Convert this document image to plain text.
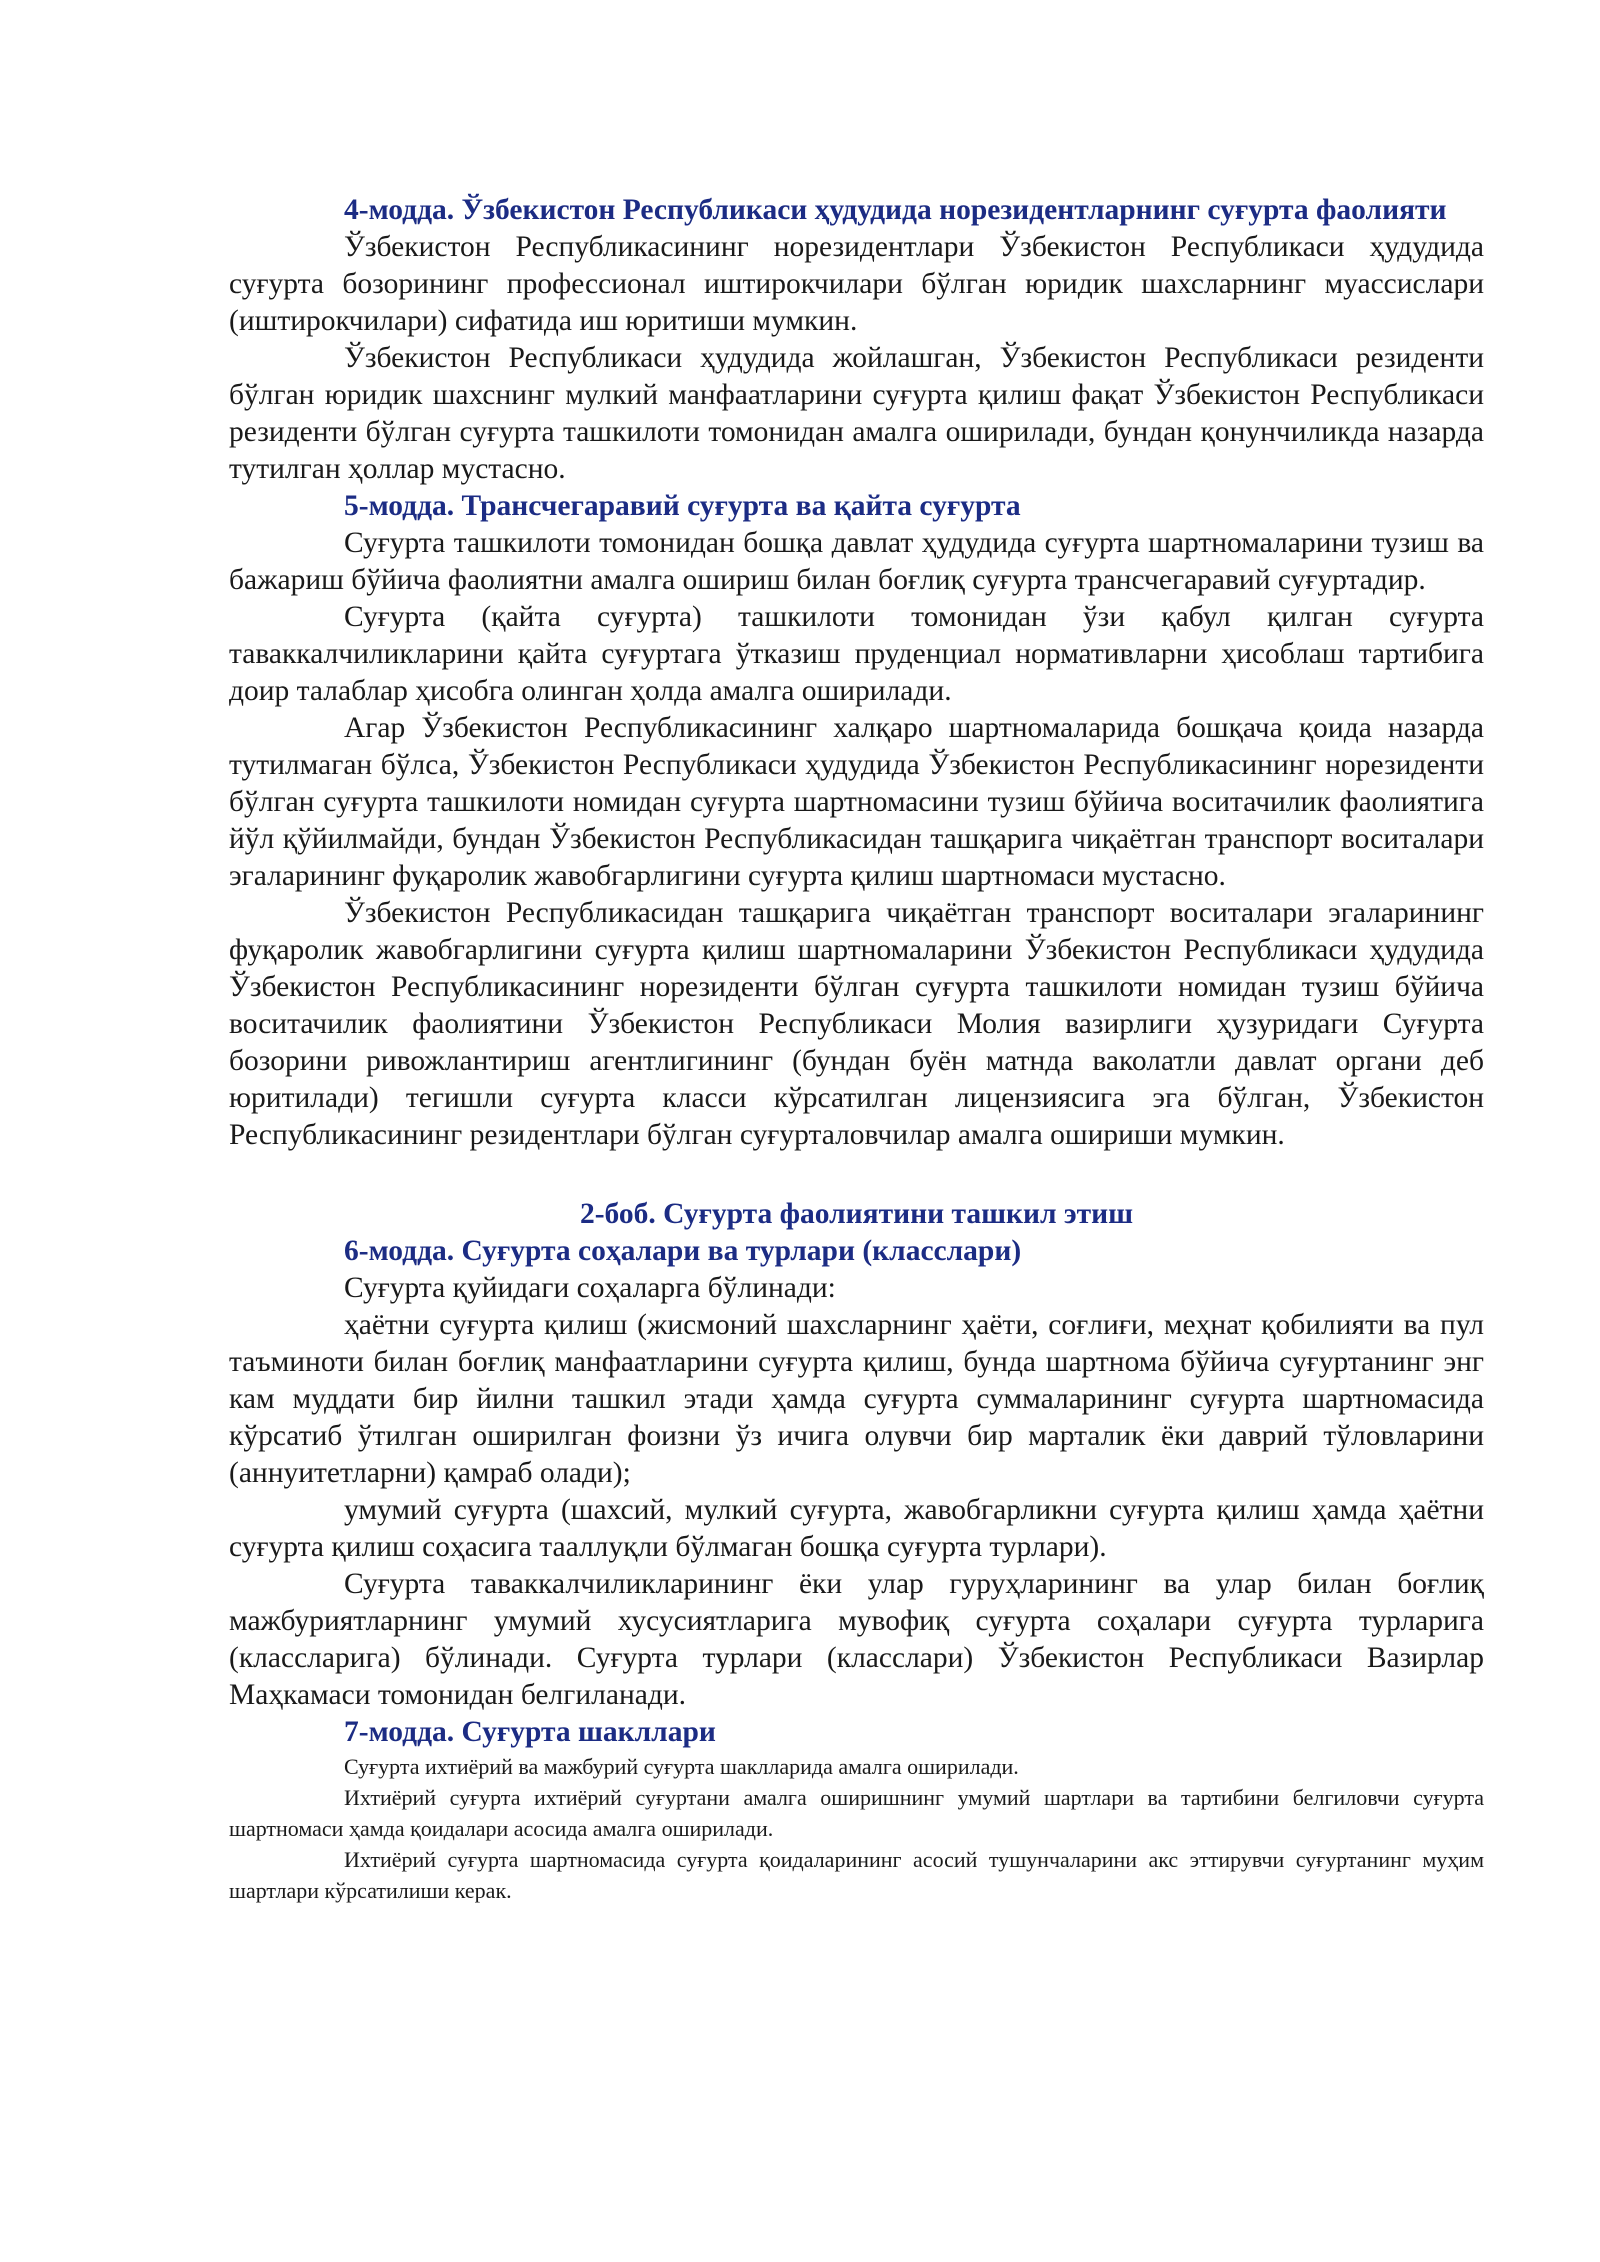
4-модда. Ўзбекистон Республикаси ҳудудида норезидентларнинг суғурта фаолияти

Ўзбекистон Республикасининг норезидентлари Ўзбекистон Республикаси ҳудудида суғурта бозорининг профессионал иштирокчилари бўлган юридик шахсларнинг муассислари (иштирокчилари) сифатида иш юритиши мумкин.

Ўзбекистон Республикаси ҳудудида жойлашган, Ўзбекистон Республикаси резиденти бўлган юридик шахснинг мулкий манфаатларини суғурта қилиш фақат Ўзбекистон Республикаси резиденти бўлган суғурта ташкилоти томонидан амалга оширилади, бундан қонунчиликда назарда тутилган ҳоллар мустасно.

5-модда. Трансчегаравий суғурта ва қайта суғурта

Суғурта ташкилоти томонидан бошқа давлат ҳудудида суғурта шартномаларини тузиш ва бажариш бўйича фаолиятни амалга ошириш билан боғлиқ суғурта трансчегаравий суғуртадир.

Суғурта (қайта суғурта) ташкилоти томонидан ўзи қабул қилган суғурта таваккалчиликларини қайта суғуртага ўтказиш пруденциал нормативларни ҳисоблаш тартибига доир талаблар ҳисобга олинган ҳолда амалга оширилади.

Агар Ўзбекистон Республикасининг халқаро шартномаларида бошқача қоида назарда тутилмаган бўлса, Ўзбекистон Республикаси ҳудудида Ўзбекистон Республикасининг норезиденти бўлган суғурта ташкилоти номидан суғурта шартномасини тузиш бўйича воситачилик фаолиятига йўл қўйилмайди, бундан Ўзбекистон Республикасидан ташқарига чиқаётган транспорт воситалари эгаларининг фуқаролик жавобгарлигини суғурта қилиш шартномаси мустасно.

Ўзбекистон Республикасидан ташқарига чиқаётган транспорт воситалари эгаларининг фуқаролик жавобгарлигини суғурта қилиш шартномаларини Ўзбекистон Республикаси ҳудудида Ўзбекистон Республикасининг норезиденти бўлган суғурта ташкилоти номидан тузиш бўйича воситачилик фаолиятини Ўзбекистон Республикаси Молия вазирлиги ҳузуридаги Суғурта бозорини ривожлантириш агентлигининг (бундан буён матнда ваколатли давлат органи деб юритилади) тегишли суғурта класси кўрсатилган лицензиясига эга бўлган, Ўзбекистон Республикасининг резидентлари бўлган суғурталовчилар амалга ошириши мумкин.

2-боб. Суғурта фаолиятини ташкил этиш

6-модда. Суғурта соҳалари ва турлари (класслари)

Суғурта қуйидаги соҳаларга бўлинади:

ҳаётни суғурта қилиш (жисмоний шахсларнинг ҳаёти, соғлиғи, меҳнат қобилияти ва пул таъминоти билан боғлиқ манфаатларини суғурта қилиш, бунда шартнома бўйича суғуртанинг энг кам муддати бир йилни ташкил этади ҳамда суғурта суммаларининг суғурта шартномасида кўрсатиб ўтилган оширилган фоизни ўз ичига олувчи бир марталик ёки даврий тўловларини (аннуитетларни) қамраб олади);

умумий суғурта (шахсий, мулкий суғурта, жавобгарликни суғурта қилиш ҳамда ҳаётни суғурта қилиш соҳасига тааллуқли бўлмаган бошқа суғурта турлари).

Суғурта таваккалчиликларининг ёки улар гуруҳларининг ва улар билан боғлиқ мажбуриятларнинг умумий хусусиятларига мувофиқ суғурта соҳалари суғурта турларига (классларига) бўлинади. Суғурта турлари (класслари) Ўзбекистон Республикаси Вазирлар Маҳкамаси томонидан белгиланади.

7-модда. Суғурта шакллари

Суғурта ихтиёрий ва мажбурий суғурта шаклларида амалга оширилади.

Ихтиёрий суғурта ихтиёрий суғуртани амалга оширишнинг умумий шартлари ва тартибини белгиловчи суғурта шартномаси ҳамда қоидалари асосида амалга оширилади.

Ихтиёрий суғурта шартномасида суғурта қоидаларининг асосий тушунчаларини акс эттирувчи суғуртанинг муҳим шартлари кўрсатилиши керак.
